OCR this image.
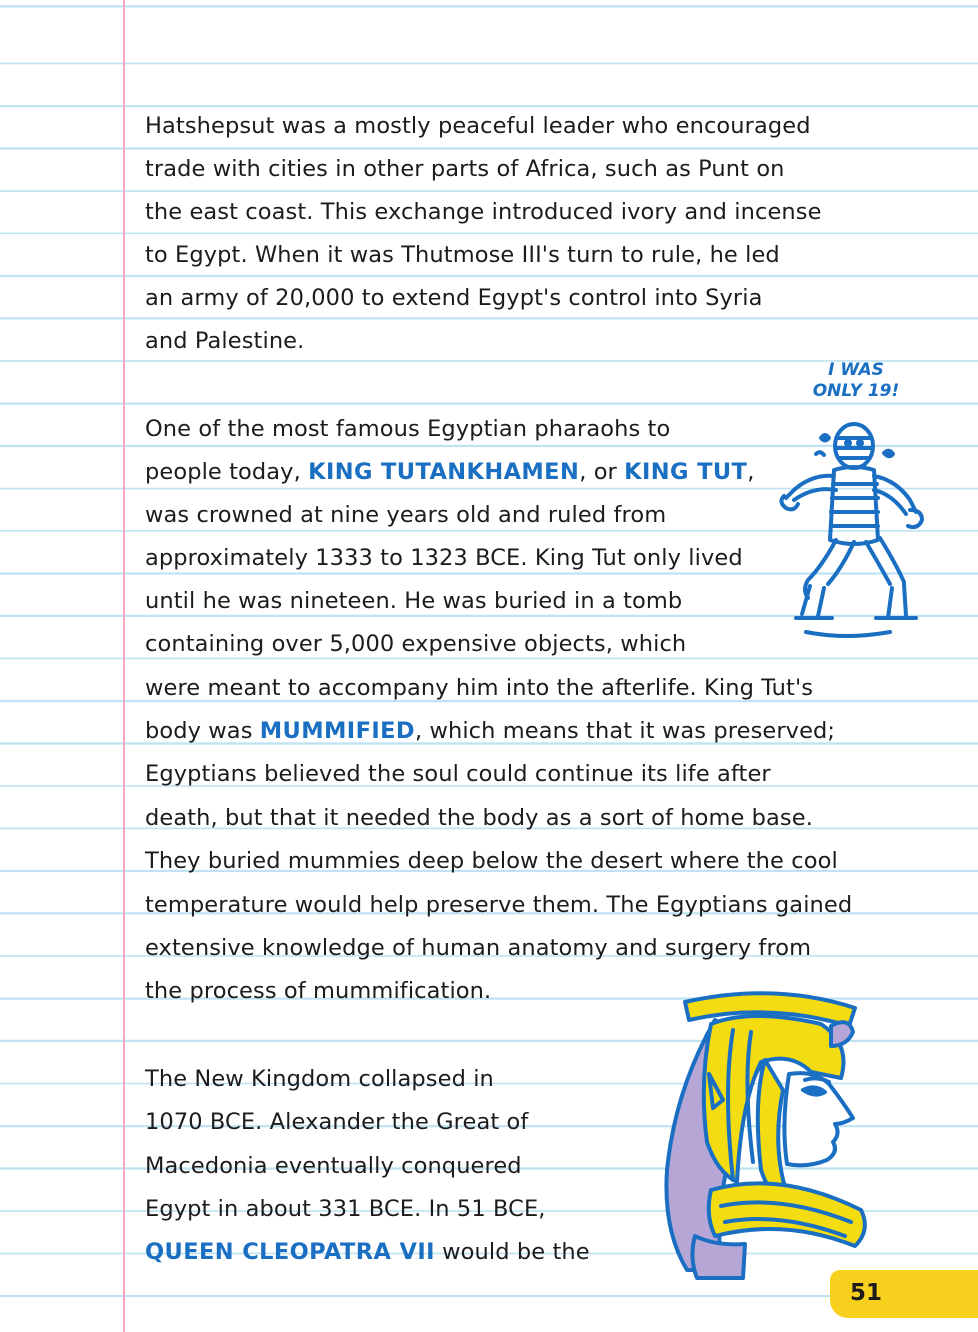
Hatshepsut was a mostly peaceful leader who encouraged
trade with cities in other parts of Africa, such as Punt on
the east coast. This exchange introduced ivory and incense
to Egypt. When it was Thutmose III's turn to rule, he led
an army of 20,000 to extend Egypt's control into Syria
and Palestine.
I WAS
ONLY 19!
One of the most famous Egyptian pharaohs to
people today, KING TUTANKHAMEN, or KING TUT,
was crowned at nine years old and ruled from
approximately 1333 to 1323 BCE. King Tut only lived
until he was nineteen. He was buried in a tomb
containing over 5,000 expensive objects, which
were meant to accompany him into the afterlife. King Tut's
body was MUMMIFIED, which means that it was preserved;
Egyptians believed the soul could continue its life after
death, but that it needed the body as a sort of home base.
They buried mummies deep below the desert where the cool
temperature would help preserve them. The Egyptians gained
extensive knowledge of human anatomy and surgery from
the process of mummification.
The New Kingdom collapsed in
1070 BCE. Alexander the Great of
Macedonia eventually conquered
Egypt in about 331 BCE. In 51 BCE,
QUEEN CLEOPATRA VII would be the
51
